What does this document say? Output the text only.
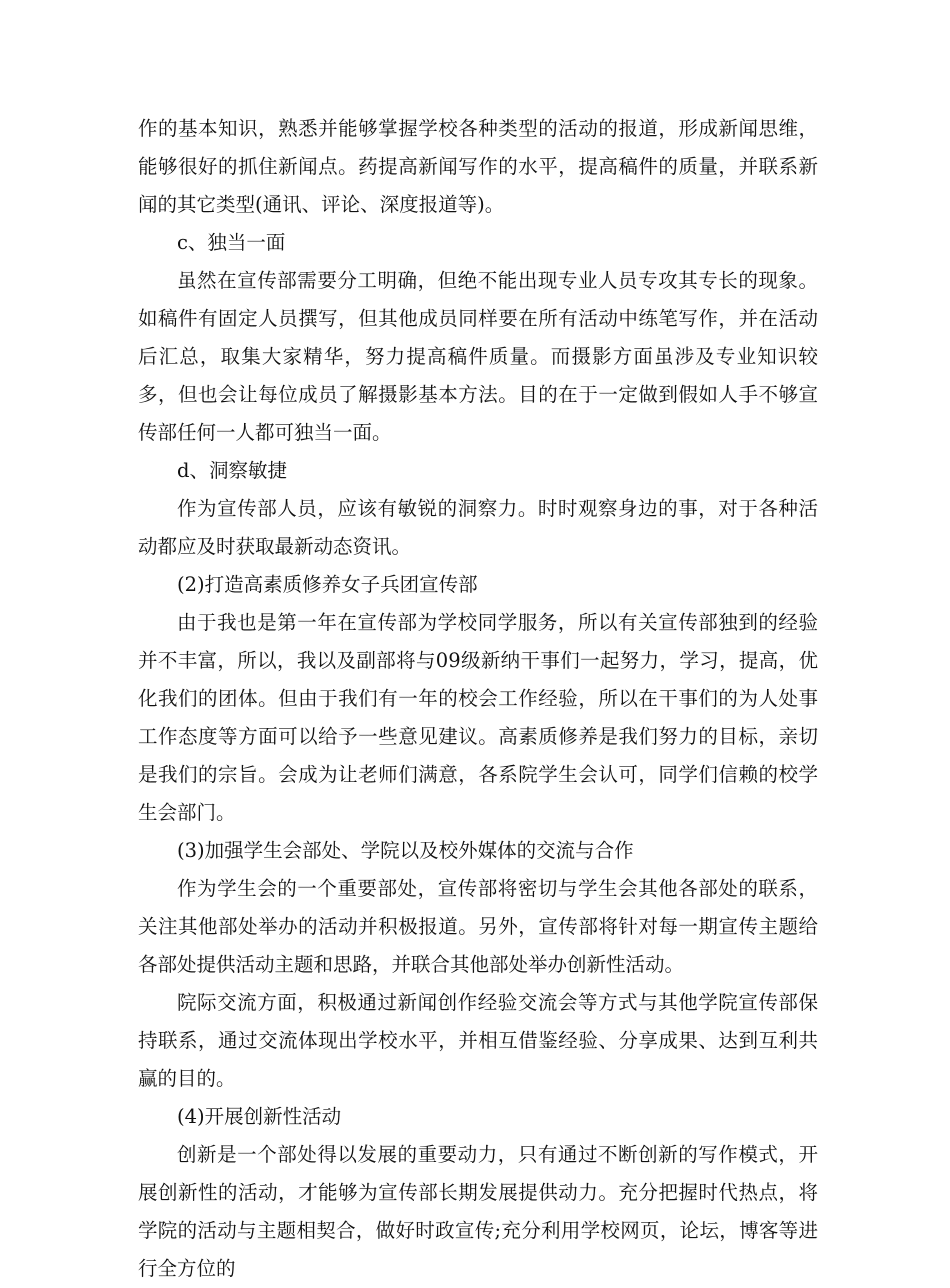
作的基本知识，熟悉并能够掌握学校各种类型的活动的报道，形成新闻思维，能够很好的抓住新闻点。药提高新闻写作的水平，提高稿件的质量，并联系新闻的其它类型(通讯、评论、深度报道等)。

c、独当一面

虽然在宣传部需要分工明确，但绝不能出现专业人员专攻其专长的现象。如稿件有固定人员撰写，但其他成员同样要在所有活动中练笔写作，并在活动后汇总，取集大家精华，努力提高稿件质量。而摄影方面虽涉及专业知识较多，但也会让每位成员了解摄影基本方法。目的在于一定做到假如人手不够宣传部任何一人都可独当一面。

d、洞察敏捷

作为宣传部人员，应该有敏锐的洞察力。时时观察身边的事，对于各种活动都应及时获取最新动态资讯。

(2)打造高素质修养女子兵团宣传部

由于我也是第一年在宣传部为学校同学服务，所以有关宣传部独到的经验并不丰富，所以，我以及副部将与09级新纳干事们一起努力，学习，提高，优化我们的团体。但由于我们有一年的校会工作经验，所以在干事们的为人处事工作态度等方面可以给予一些意见建议。高素质修养是我们努力的目标，亲切是我们的宗旨。会成为让老师们满意，各系院学生会认可，同学们信赖的校学生会部门。

(3)加强学生会部处、学院以及校外媒体的交流与合作

作为学生会的一个重要部处，宣传部将密切与学生会其他各部处的联系，关注其他部处举办的活动并积极报道。另外，宣传部将针对每一期宣传主题给各部处提供活动主题和思路，并联合其他部处举办创新性活动。

院际交流方面，积极通过新闻创作经验交流会等方式与其他学院宣传部保持联系，通过交流体现出学校水平，并相互借鉴经验、分享成果、达到互利共赢的目的。

(4)开展创新性活动

创新是一个部处得以发展的重要动力，只有通过不断创新的写作模式，开展创新性的活动，才能够为宣传部长期发展提供动力。充分把握时代热点，将学院的活动与主题相契合，做好时政宣传;充分利用学校网页，论坛，博客等进行全方位的
